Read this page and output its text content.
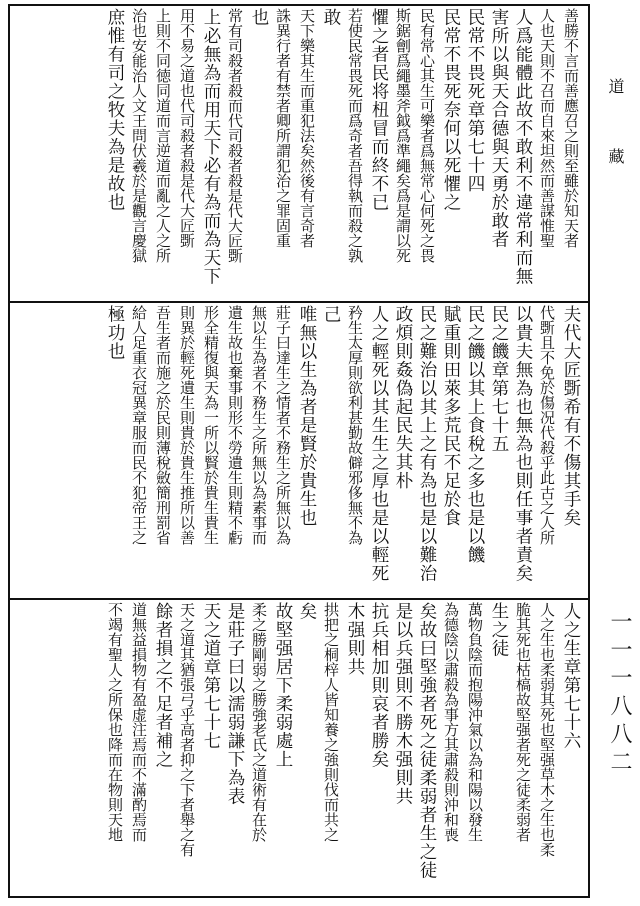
善勝不言而善應召之則至雖於知天者
人也天則不召而自來坦然而善謀惟聖
人爲能體此故不敢利不違常利而無
害所以與天合德與天勇於敢者
民常不畏死章第七十四
民常不畏死奈何以死懼之
民有常心其生可樂者爲無常心何死之畏
斯鋸劊爲繩墨斧鉞爲準繩矣爲是謂以死
懼之者民将杻冒而終不已
若使民常畏死而爲奇者吾得執而殺之孰
敢
天下樂其生而重犯法矣然後有言奇者
誅異行者有禁者卿所謂犯治之罪固重
也
常有司殺者殺而代司殺者殺是代大匠斲
上必無為而用天下必有為而為天下
用不易之道也代司殺者殺是代大匠斲
上則不同徳同道而言逆道而亂之人之所
治也安能治人文王問伏羲於是觀言慶獄
庶惟有司之牧夫為是故也
夫代大匠斲希有不傷其手矣
代斲且不免於傷况代殺乎此古之人所
以貴夫無為也無為也則任事者責矣
民之饑章第七十五
民之饑以其上食稅之多也是以饑
賦重則田萊多荒民不足於食
民之難治以其上之有為也是以難治
政煩則姦偽起民失其朴
人之輕死以其生生之厚也是以輕死
矜生太厚則欲利甚勤故僻邪侈無不為
己
唯無以生為者是賢於貴生也
莊子曰達生之情者不務生之所無以為
無以生為者不務生之所無以為素事而
遺生故也棄事則形不勞遺生則精不虧
形全精復與天為一所以賢於貴生貴生
則異於輕死遺生則貴於貴生推所以善
吾生者而施之於民則薄稅斂簡刑罰省
給人足重衣冠異章服而民不犯帝王之
極功也
人之生章第七十六
人之生也柔弱其死也堅强草木之生也柔
脆其死也枯槁故堅强者死之徒柔弱者
生之徒
萬物負陰而抱陽沖氣以為和陽以發生
為德陰以肅殺為事方其肅殺則沖和喪
矣故曰堅強者死之徒柔弱者生之徒
是以兵强則不勝木强則共
抗兵相加則哀者勝矣
木强則共
拱把之桐梓人皆知養之強則伐而共之
矣
故堅强居下柔弱處上
柔之勝剛弱之勝強老氏之道術有在於
是莊子曰以濡弱謙下為表
天之道章第七十七
天之道其猶張弓乎高者抑之下者舉之有
餘者損之不足者補之
道無益損物有盈虚注焉而不滿酌焉而
不竭有聖人之所保也降而在物則天地
道
藏
一一一八八二
